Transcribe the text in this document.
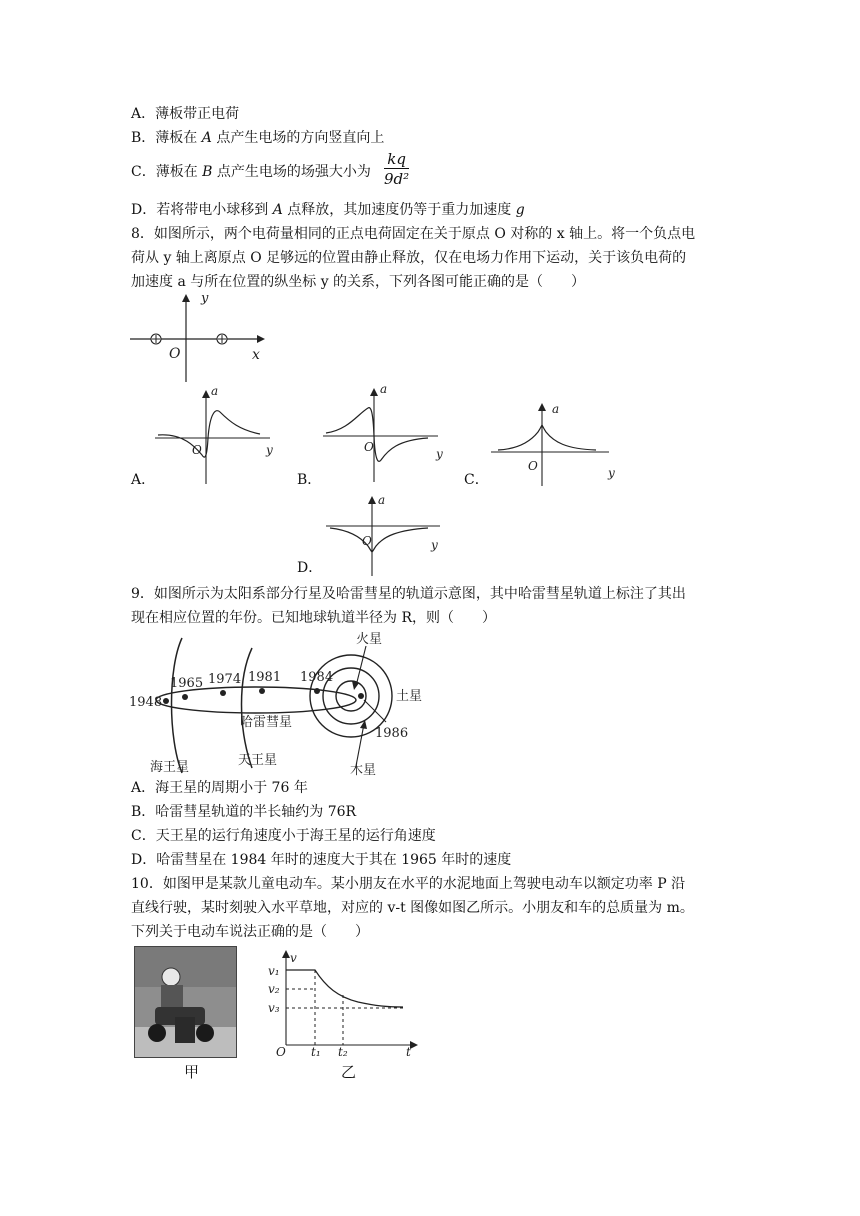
A．薄板带正电荷
B．薄板在 A 点产生电场的方向竖直向上
C．薄板在 B 点产生电场的场强大小为 $\frac{kq}{\text{9d²}}$
D．若将带电小球移到 A 点释放，其加速度仍等于重力加速度 g
8．如图所示，两个电荷量相同的正点电荷固定在关于原点 O 对称的 x 轴上。将一个负点电
荷从 y 轴上离原点 O 足够远的位置由静止释放，仅在电场力作用下运动，关于该负电荷的
加速度 a 与所在位置的纵坐标 y 的关系，下列各图可能正确的是（　　）
y
O	x
a
O	y
A．
a
O	y
B．
a
O	y
C．
a
O	y
D．
9．如图所示为太阳系部分行星及哈雷彗星的轨道示意图，其中哈雷彗星轨道上标注了其出
现在相应位置的年份。已知地球轨道半径为 R，则（　　）
1948
1965 1974 1981 1984
1986
火星
土星
木星
哈雷彗星
天王星
海王星
A．海王星的周期小于 76 年
B．哈雷彗星轨道的半长轴约为 76R
C．天王星的运行角速度小于海王星的运行角速度
D．哈雷彗星在 1984 年时的速度大于其在 1965 年时的速度
10．如图甲是某款儿童电动车。某小朋友在水平的水泥地面上驾驶电动车以额定功率 P 沿
直线行驶，某时刻驶入水平草地，对应的 v-t 图像如图乙所示。小朋友和车的总质量为 m。
下列关于电动车说法正确的是（　　）
甲
v
v₁
v₂
v₃
O t₁ t₂	t
乙
